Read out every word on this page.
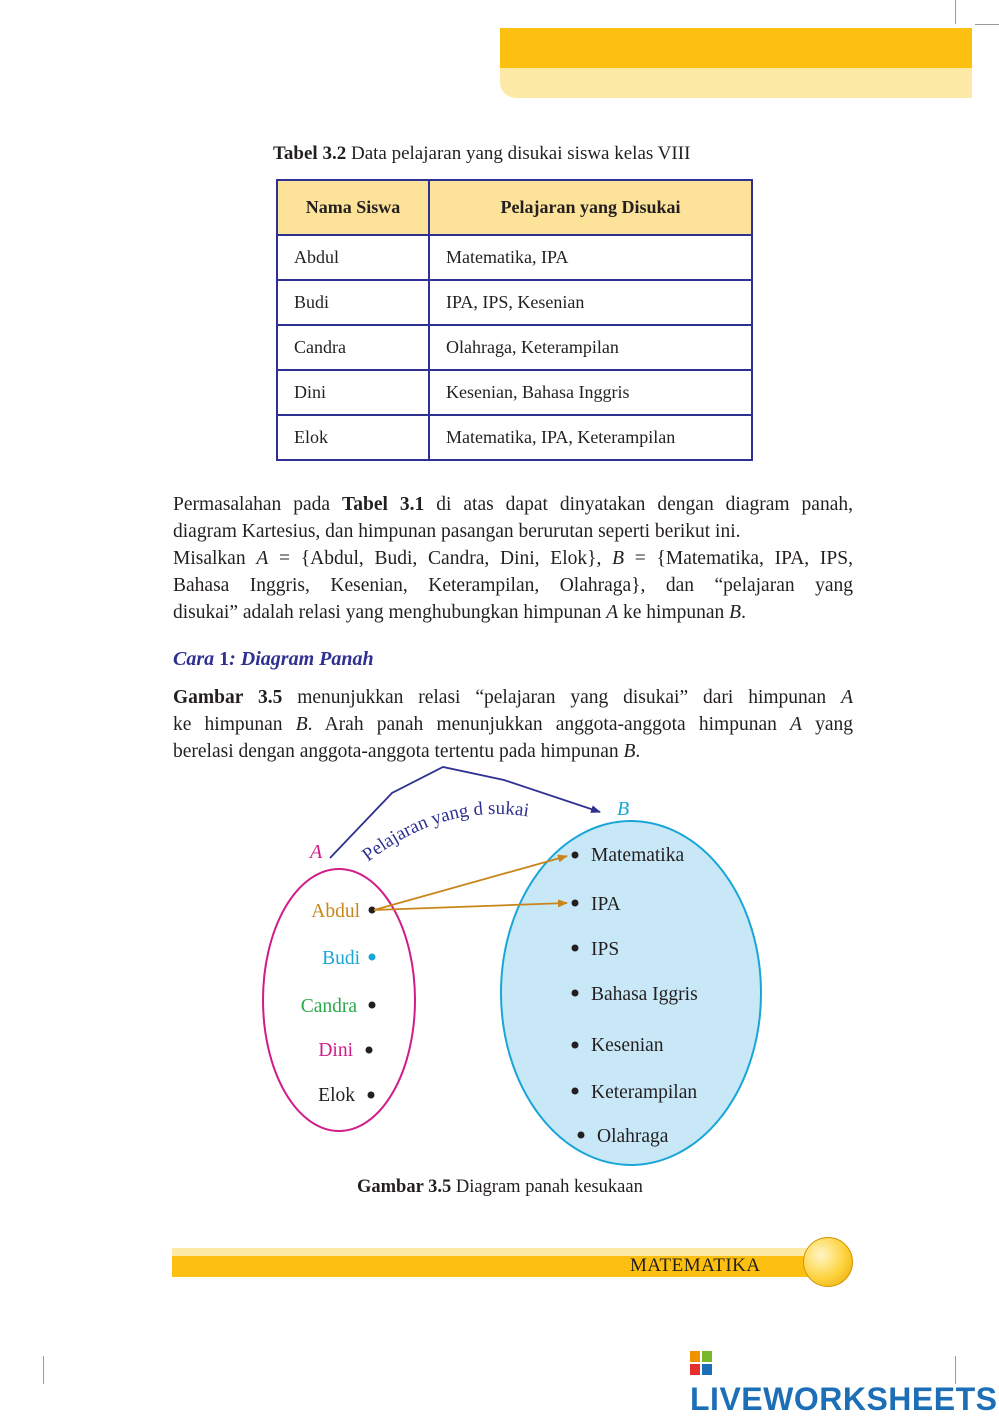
Tabel 3.2 Data pelajaran yang disukai siswa kelas VIII
Nama Siswa	Pelajaran yang Disukai
Abdul	Matematika, IPA
Budi	IPA, IPS, Kesenian
Candra	Olahraga, Keterampilan
Dini	Kesenian, Bahasa Inggris
Elok	Matematika, IPA, Keterampilan

Permasalahan pada Tabel 3.1 di atas dapat dinyatakan dengan diagram panah,

diagram Kartesius, dan himpunan pasangan berurutan seperti berikut ini.

Misalkan A = {Abdul, Budi, Candra, Dini, Elok}, B = {Matematika, IPA, IPS,

Bahasa Inggris, Kesenian, Keterampilan, Olahraga}, dan “pelajaran yang

disukai” adalah relasi yang menghubungkan himpunan A ke himpunan B.

Cara 1: Diagram Panah

Gambar 3.5 menunjukkan relasi “pelajaran yang disukai” dari himpunan A

ke himpunan B. Arah panah menunjukkan anggota-anggota himpunan A yang

berelasi dengan anggota-anggota tertentu pada himpunan B.

Pelajaran yang d sukai
A
B
Abdul
Budi
Candra
Dini
Elok
Matematika
IPA
IPS
Bahasa Iggris
Kesenian
Keterampilan
Olahraga
Gambar 3.5 Diagram panah kesukaan
MATEMATIKA
LIVEWORKSHEETS
